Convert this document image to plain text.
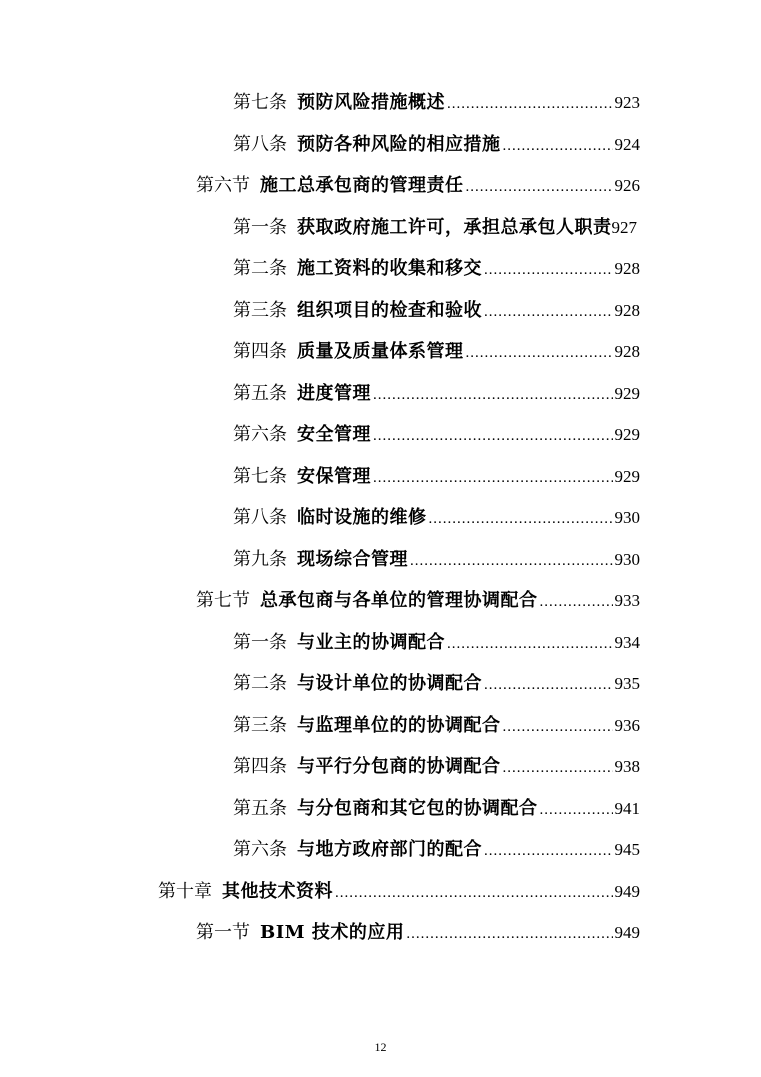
第七条 预防风险措施概述 .....	923
第八条 预防各种风险的相应措施 .....	924
第六节 施工总承包商的管理责任 .....	926
第一条 获取政府施工许可，承担总承包人职责 927
第二条 施工资料的收集和移交 .....	928
第三条 组织项目的检查和验收 .....	928
第四条 质量及质量体系管理 .....	928
第五条 进度管理 .....	929
第六条 安全管理 .....	929
第七条 安保管理 .....	929
第八条 临时设施的维修 .....	930
第九条 现场综合管理 .....	930
第七节 总承包商与各单位的管理协调配合 .....	933
第一条 与业主的协调配合 .....	934
第二条 与设计单位的协调配合 .....	935
第三条 与监理单位的的协调配合 .....	936
第四条 与平行分包商的协调配合 .....	938
第五条 与分包商和其它包的协调配合 .....	941
第六条 与地方政府部门的配合 .....	945
第十章 其他技术资料 .....	949
第一节 BIM 技术的应用 .....	949
12
